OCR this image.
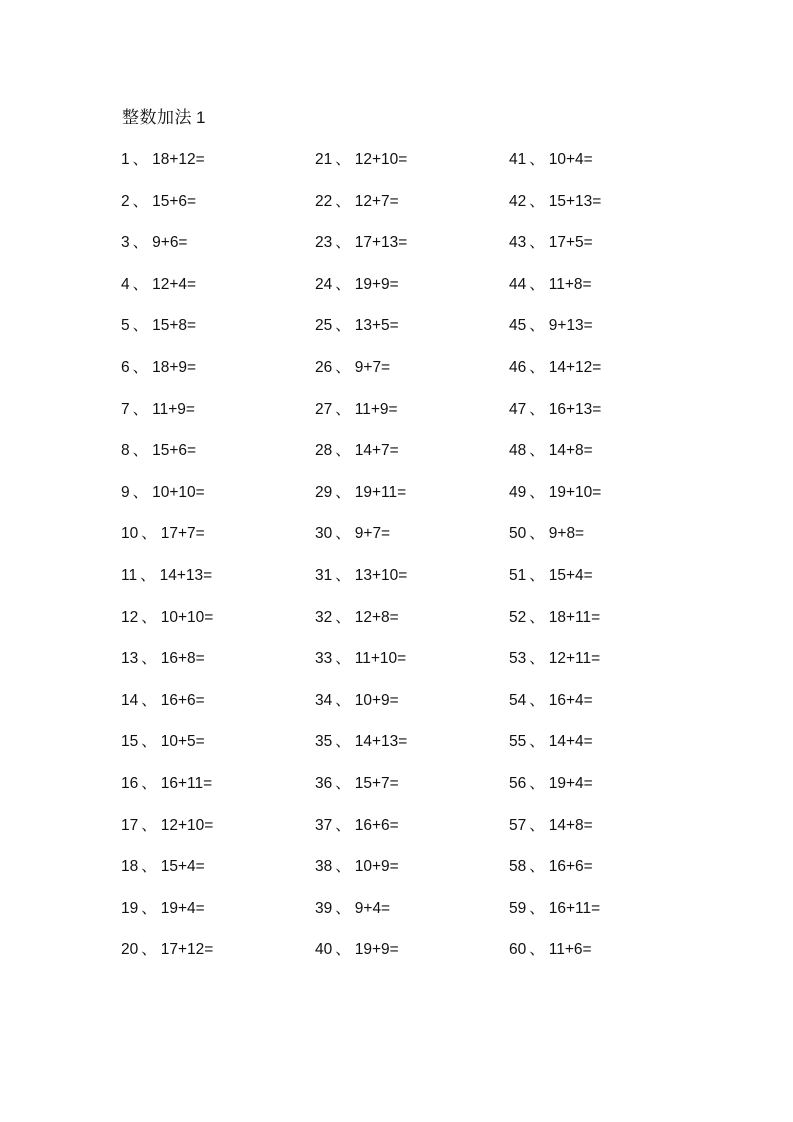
整数加法 1
1 、 18+12=
2 、 15+6=
3 、 9+6=
4 、 12+4=
5 、 15+8=
6 、 18+9=
7 、 11+9=
8 、 15+6=
9 、 10+10=
10 、 17+7=
11 、 14+13=
12 、 10+10=
13 、 16+8=
14 、 16+6=
15 、 10+5=
16 、 16+11=
17 、 12+10=
18 、 15+4=
19 、 19+4=
20 、 17+12=
21 、 12+10=
22 、 12+7=
23 、 17+13=
24 、 19+9=
25 、 13+5=
26 、 9+7=
27 、 11+9=
28 、 14+7=
29 、 19+11=
30 、 9+7=
31 、 13+10=
32 、 12+8=
33 、 11+10=
34 、 10+9=
35 、 14+13=
36 、 15+7=
37 、 16+6=
38 、 10+9=
39 、 9+4=
40 、 19+9=
41 、 10+4=
42 、 15+13=
43 、 17+5=
44 、 11+8=
45 、 9+13=
46 、 14+12=
47 、 16+13=
48 、 14+8=
49 、 19+10=
50 、 9+8=
51 、 15+4=
52 、 18+11=
53 、 12+11=
54 、 16+4=
55 、 14+4=
56 、 19+4=
57 、 14+8=
58 、 16+6=
59 、 16+11=
60 、 11+6=
